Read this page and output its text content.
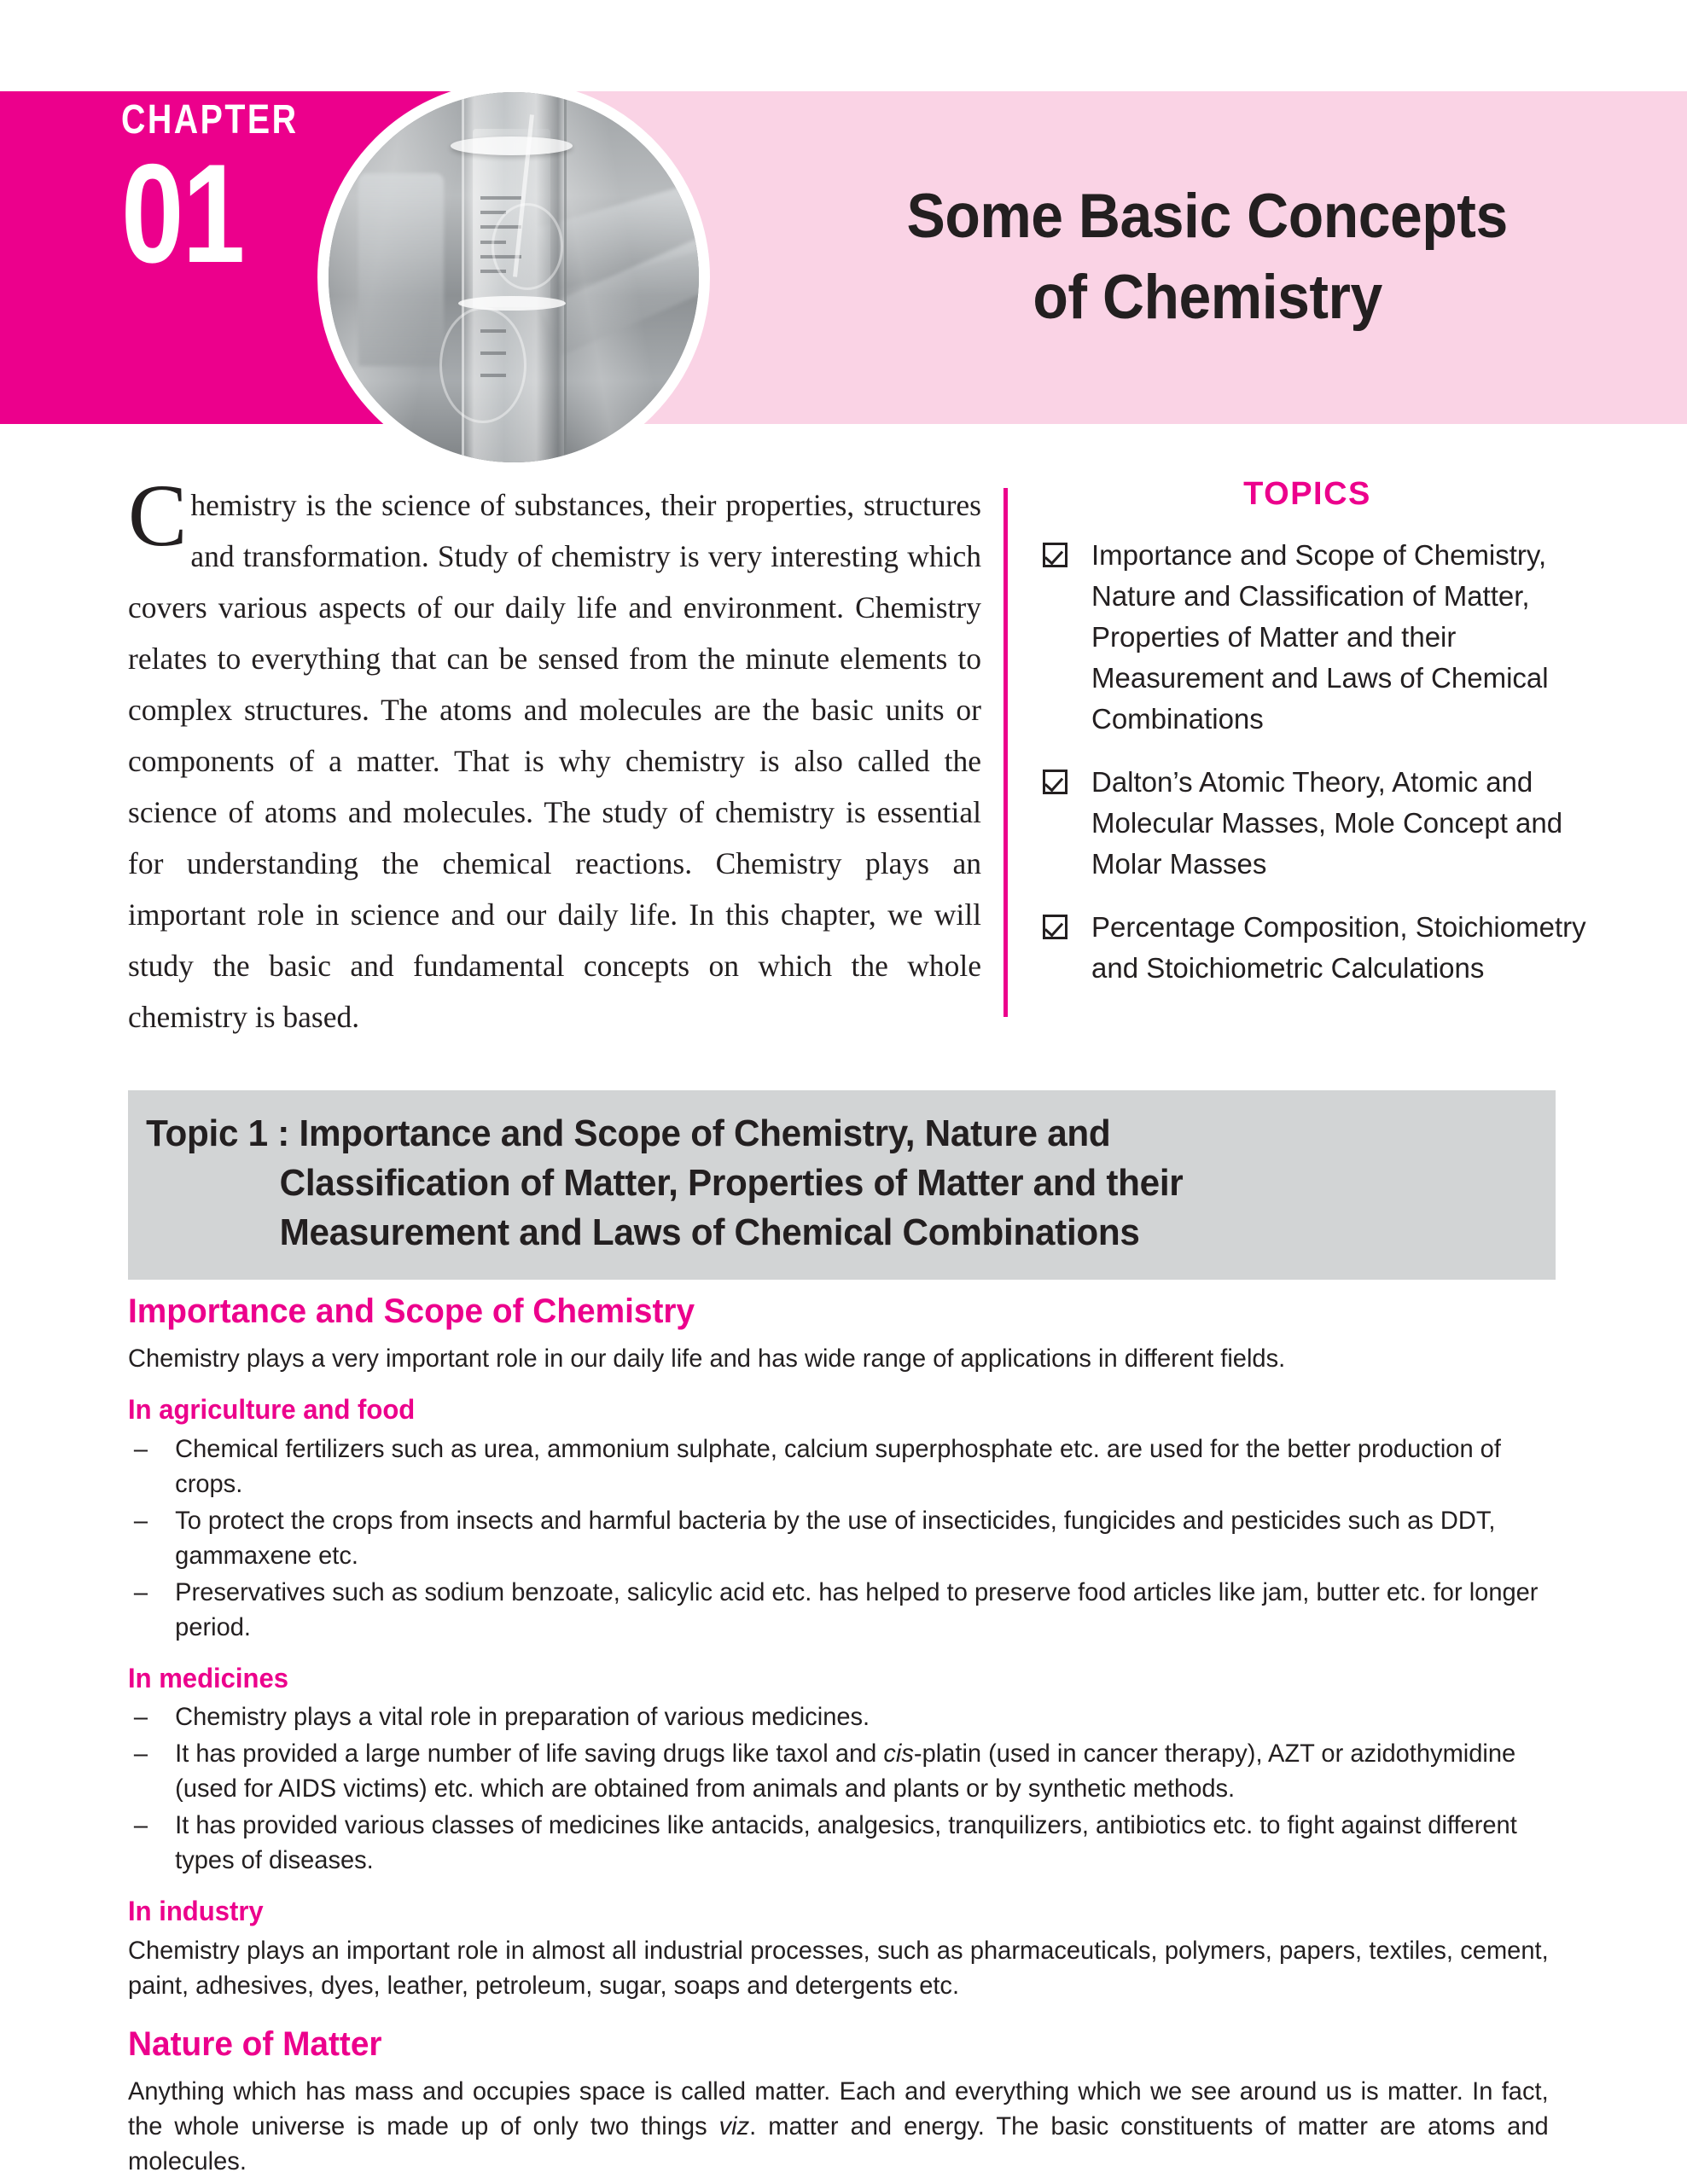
CHAPTER
01	Some Basic Concepts
of Chemistry
Chemistry is the science of substances, their properties, structures and transformation. Study of chemistry is very interesting which covers various aspects of our daily life and environment. Chemistry relates to everything that can be sensed from the minute elements to complex structures. The atoms and molecules are the basic units or components of a matter. That is why chemistry is also called the science of atoms and molecules. The study of chemistry is essential for understanding the chemical reactions. Chemistry plays an important role in science and our daily life. In this chapter, we will study the basic and fundamental concepts on which the whole chemistry is based.
TOPICS
Importance and Scope of Chemistry, Nature and Classification of Matter, Properties of Matter and their Measurement and Laws of Chemical Combinations
Dalton’s Atomic Theory, Atomic and Molecular Masses, Mole Concept and Molar Masses
Percentage Composition, Stoichiometry and Stoichiometric Calculations
Topic 1 : Importance and Scope of Chemistry, Nature and
Classification of Matter, Properties of Matter and their
Measurement and Laws of Chemical Combinations
Importance and Scope of Chemistry

Chemistry plays a very important role in our daily life and has wide range of applications in different fields.

In agriculture and food
– Chemical fertilizers such as urea, ammonium sulphate, calcium superphosphate etc. are used for the better production of crops.
– To protect the crops from insects and harmful bacteria by the use of insecticides, fungicides and pesticides such as DDT, gammaxene etc.
– Preservatives such as sodium benzoate, salicylic acid etc. has helped to preserve food articles like jam, butter etc. for longer period.
In medicines
– Chemistry plays a vital role in preparation of various medicines.
– It has provided a large number of life saving drugs like taxol and cis-platin (used in cancer therapy), AZT or azidothymidine (used for AIDS victims) etc. which are obtained from animals and plants or by synthetic methods.
– It has provided various classes of medicines like antacids, analgesics, tranquilizers, antibiotics etc. to fight against different types of diseases.
In industry

Chemistry plays an important role in almost all industrial processes, such as pharmaceuticals, polymers, papers, textiles, cement, paint, adhesives, dyes, leather, petroleum, sugar, soaps and detergents etc.

Nature of Matter

Anything which has mass and occupies space is called matter. Each and everything which we see around us is matter. In fact, the whole universe is made up of only two things viz. matter and energy. The basic constituents of matter are atoms and molecules.
